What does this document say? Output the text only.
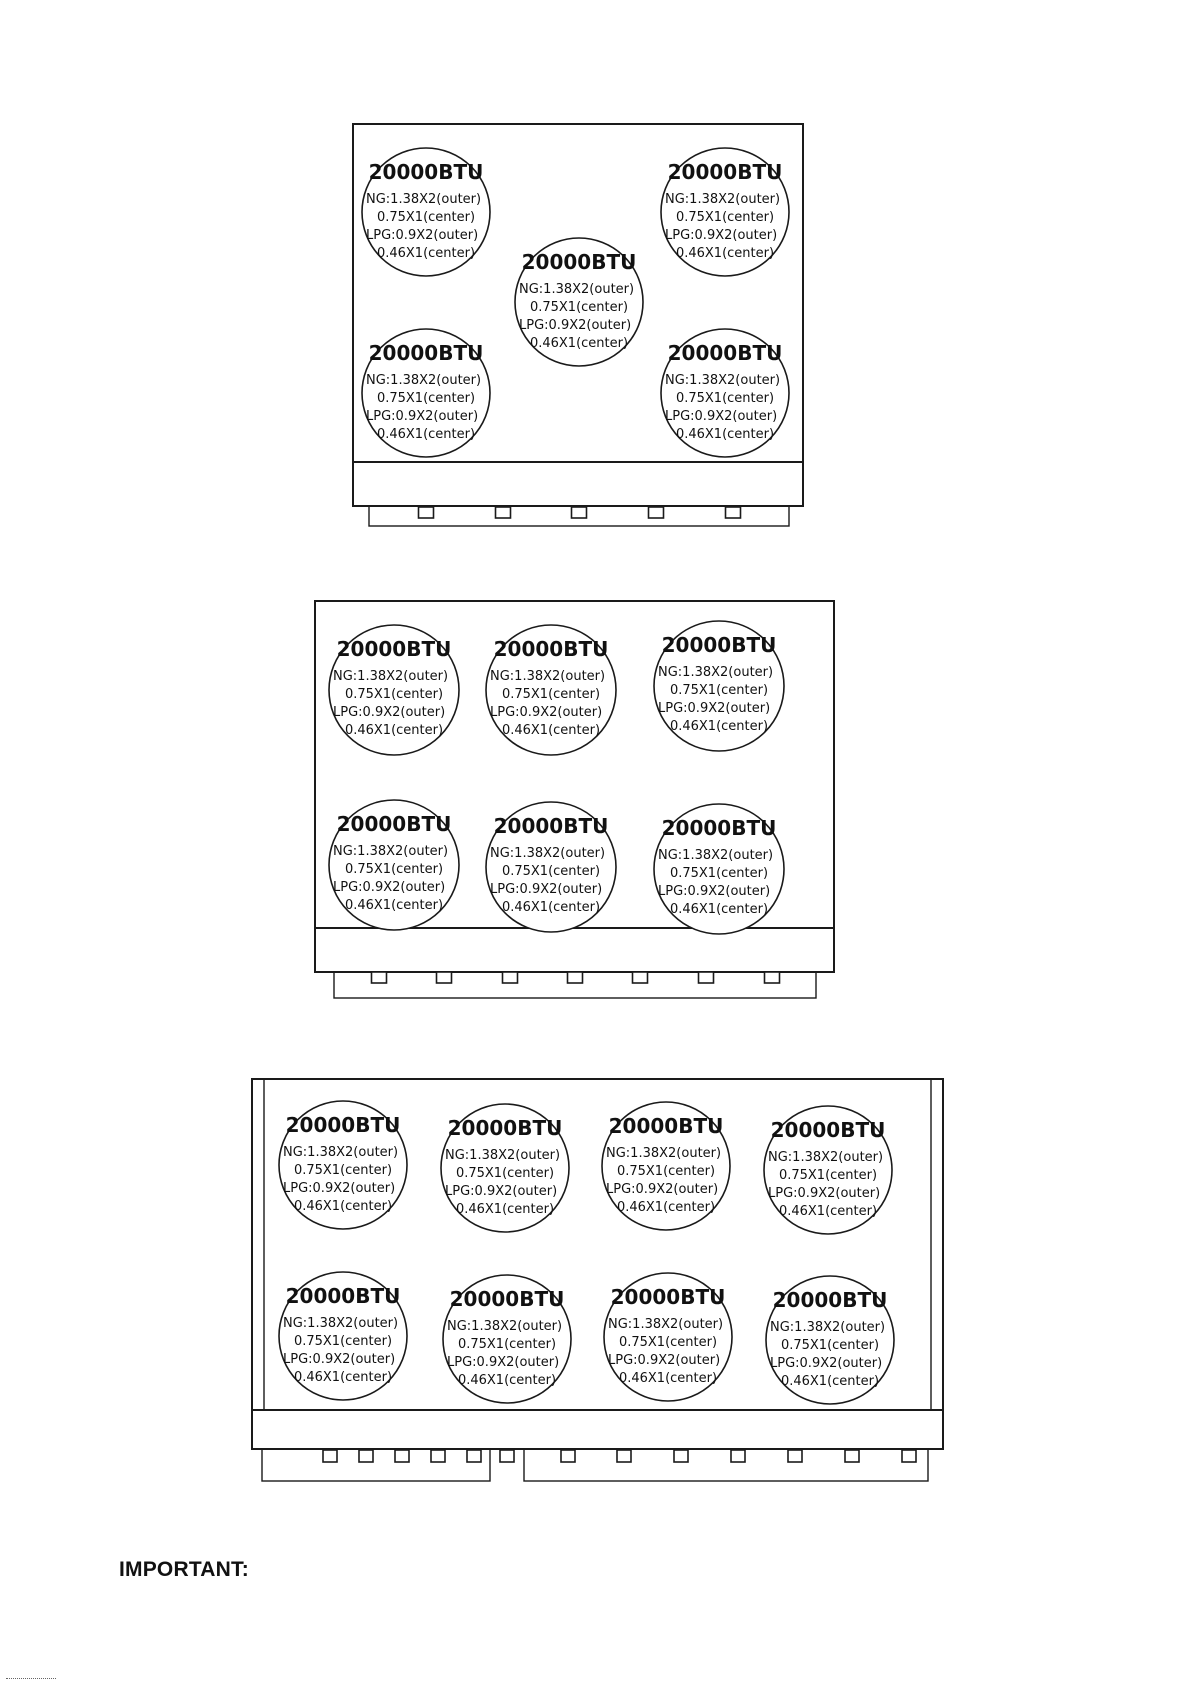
20000BTU
NG:1.38X2(outer)
0.75X1(center)
LPG:0.9X2(outer)
0.46X1(center)
20000BTU
NG:1.38X2(outer)
0.75X1(center)
LPG:0.9X2(outer)
0.46X1(center)
20000BTU
NG:1.38X2(outer)
0.75X1(center)
LPG:0.9X2(outer)
0.46X1(center)
20000BTU
NG:1.38X2(outer)
0.75X1(center)
LPG:0.9X2(outer)
0.46X1(center)
20000BTU
NG:1.38X2(outer)
0.75X1(center)
LPG:0.9X2(outer)
0.46X1(center)
20000BTU
NG:1.38X2(outer)
0.75X1(center)
LPG:0.9X2(outer)
0.46X1(center)
20000BTU
NG:1.38X2(outer)
0.75X1(center)
LPG:0.9X2(outer)
0.46X1(center)
20000BTU
NG:1.38X2(outer)
0.75X1(center)
LPG:0.9X2(outer)
0.46X1(center)
20000BTU
NG:1.38X2(outer)
0.75X1(center)
LPG:0.9X2(outer)
0.46X1(center)
20000BTU
NG:1.38X2(outer)
0.75X1(center)
LPG:0.9X2(outer)
0.46X1(center)
20000BTU
NG:1.38X2(outer)
0.75X1(center)
LPG:0.9X2(outer)
0.46X1(center)
20000BTU
NG:1.38X2(outer)
0.75X1(center)
LPG:0.9X2(outer)
0.46X1(center)
20000BTU
NG:1.38X2(outer)
0.75X1(center)
LPG:0.9X2(outer)
0.46X1(center)
20000BTU
NG:1.38X2(outer)
0.75X1(center)
LPG:0.9X2(outer)
0.46X1(center)
20000BTU
NG:1.38X2(outer)
0.75X1(center)
LPG:0.9X2(outer)
0.46X1(center)
20000BTU
NG:1.38X2(outer)
0.75X1(center)
LPG:0.9X2(outer)
0.46X1(center)
20000BTU
NG:1.38X2(outer)
0.75X1(center)
LPG:0.9X2(outer)
0.46X1(center)
20000BTU
NG:1.38X2(outer)
0.75X1(center)
LPG:0.9X2(outer)
0.46X1(center)
20000BTU
NG:1.38X2(outer)
0.75X1(center)
LPG:0.9X2(outer)
0.46X1(center)

IMPORTANT:
